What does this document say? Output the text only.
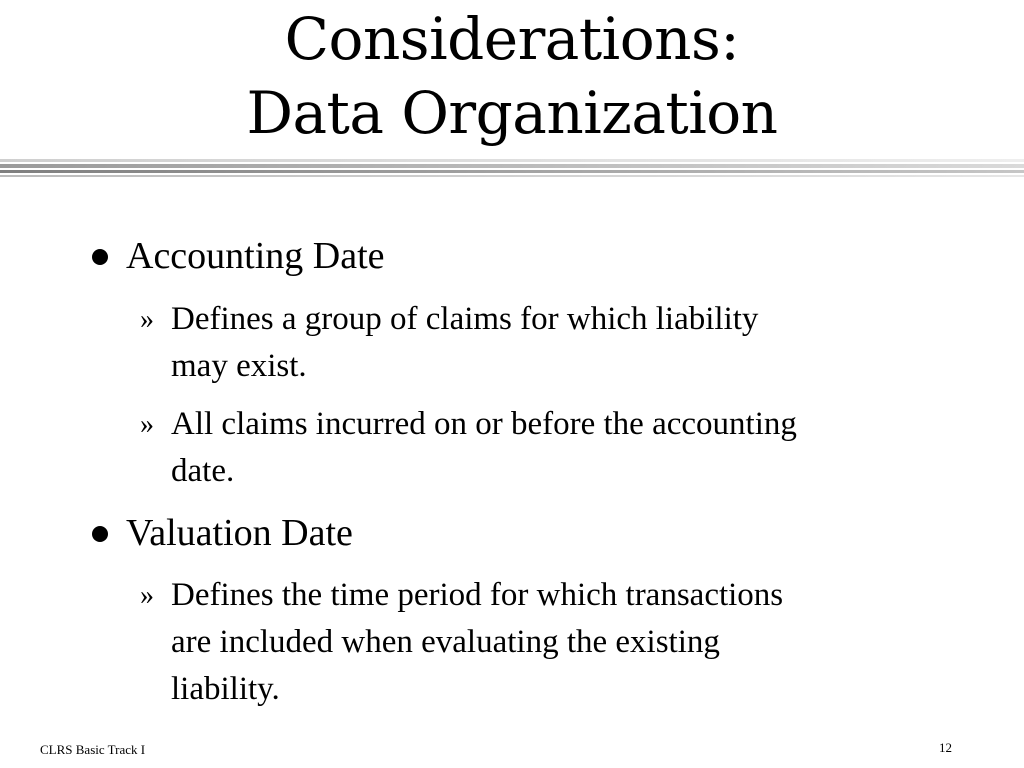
Considerations:
Data Organization
Accounting Date
» Defines a group of claims for which liability
may exist.
» All claims incurred on or before the accounting
date.
Valuation Date
» Defines the time period for which transactions
are included when evaluating the existing
liability.
CLRS Basic Track I	12
